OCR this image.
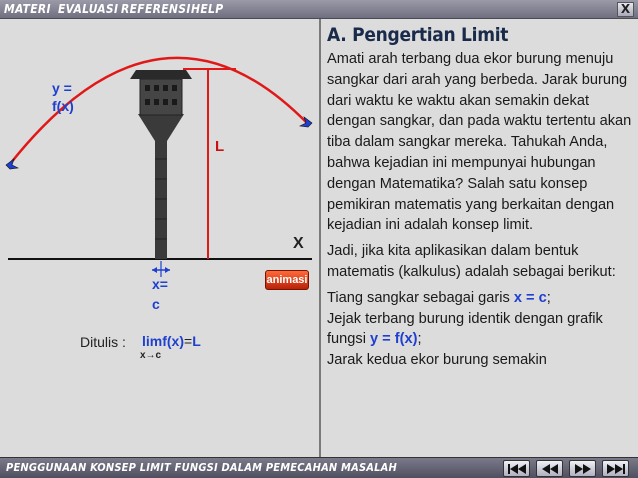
MATERI EVALUASI REFERENSI HELP	X
y = f(x)
L
X
x= c
animasi
Ditulis : limf(x)=L
x→c
A. Pengertian Limit

Amati arah terbang dua ekor burung menuju sangkar dari arah yang berbeda. Jarak burung dari waktu ke waktu akan semakin dekat dengan sangkar, dan pada waktu tertentu akan tiba dalam sangkar mereka. Tahukah Anda, bahwa kejadian ini mempunyai hubungan dengan Matematika? Salah satu konsep pemikiran matematis yang berkaitan dengan kejadian ini adalah konsep limit.

Jadi, jika kita aplikasikan dalam bentuk matematis (kalkulus) adalah sebagai berikut:

Tiang sangkar sebagai garis x = c;
Jejak terbang burung identik dengan grafik fungsi y = f(x);
Jarak kedua ekor burung semakin

PENGGUNAAN KONSEP LIMIT FUNGSI DALAM PEMECAHAN MASALAH
